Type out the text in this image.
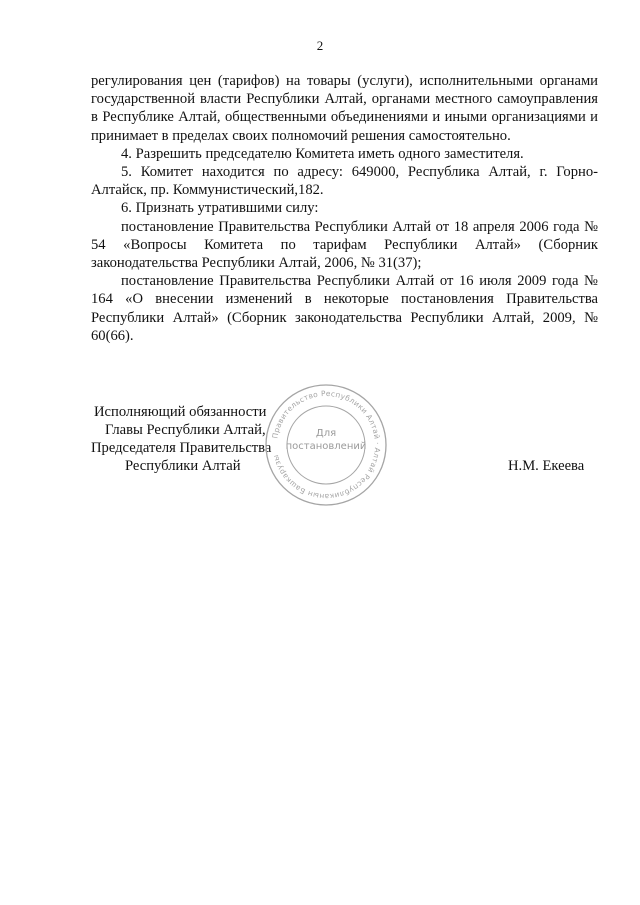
2

регулирования цен (тарифов) на товары (услуги), исполнительными органами государственной власти Республики Алтай, органами местного самоуправления в Республике Алтай, общественными объединениями и иными организациями и принимает в пределах своих полномочий решения самостоятельно.

4. Разрешить председателю Комитета иметь одного заместителя.

5. Комитет находится по адресу: 649000, Республика Алтай, г. Горно-Алтайск, пр. Коммунистический,182.

6. Признать утратившими силу:

постановление Правительства Республики Алтай от 18 апреля 2006 года № 54 «Вопросы Комитета по тарифам Республики Алтай» (Сборник законодательства Республики Алтай, 2006, № 31(37);

постановление Правительства Республики Алтай от 16 июля 2009 года № 164 «О внесении изменений в некоторые постановления Правительства Республики Алтай» (Сборник законодательства Республики Алтай, 2009, № 60(66).

Исполняющий обязанности
Главы Республики Алтай,
Председателя Правительства
Республики Алтай	Н.М. Екеева
Правительство Республики Алтай · Алтай Республиканын Башкарузы
Для
постановлений
